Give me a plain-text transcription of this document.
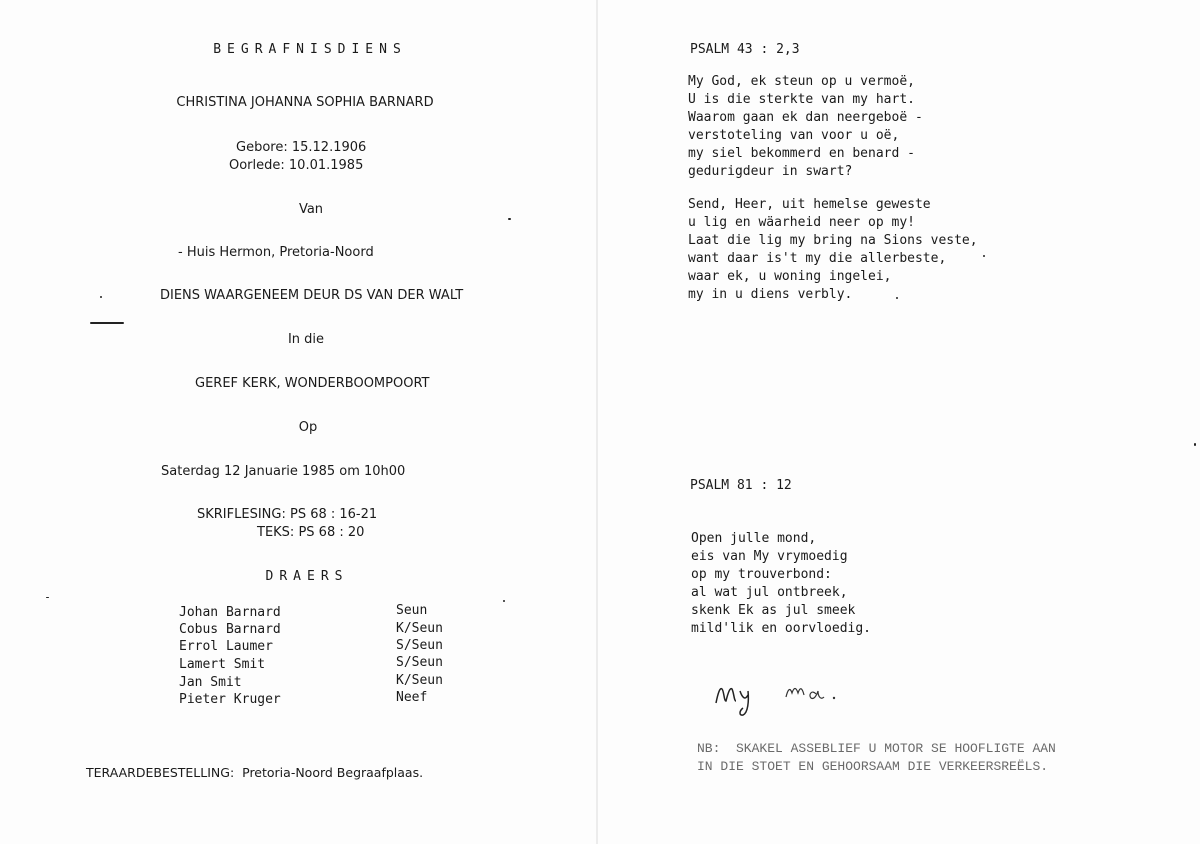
BEGRAFNISDIENS
CHRISTINA JOHANNA SOPHIA BARNARD
Gebore: 15.12.1906
Oorlede: 10.01.1985
Van
- Huis Hermon, Pretoria-Noord
DIENS WAARGENEEM DEUR DS VAN DER WALT
In die
GEREF KERK, WONDERBOOMPOORT
Op
Saterdag 12 Januarie 1985 om 10h00
SKRIFLESING: PS 68 : 16-21
TEKS: PS 68 : 20
DRAERS
Johan Barnard	Seun
Cobus Barnard	K/Seun
Errol Laumer	S/Seun
Lamert Smit	S/Seun
Jan Smit	K/Seun
Pieter Kruger	Neef
TERAARDEBESTELLING:  Pretoria-Noord Begraafplaas.
PSALM 43 : 2,3
My God, ek steun op u vermoë,
U is die sterkte van my hart.
Waarom gaan ek dan neergeboë -
verstoteling van voor u oë,
my siel bekommerd en benard -
gedurigdeur in swart?
Send, Heer, uit hemelse geweste
u lig en wäarheid neer op my!
Laat die lig my bring na Sions veste,
want daar is't my die allerbeste,
waar ek, u woning ingelei,
my in u diens verbly.
PSALM 81 : 12
Open julle mond,
eis van My vrymoedig
op my trouverbond:
al wat jul ontbreek,
skenk Ek as jul smeek
mild'lik en oorvloedig.
NB:  SKAKEL ASSEBLIEF U MOTOR SE HOOFLIGTE AAN
IN DIE STOET EN GEHOORSAAM DIE VERKEERSREËLS.
